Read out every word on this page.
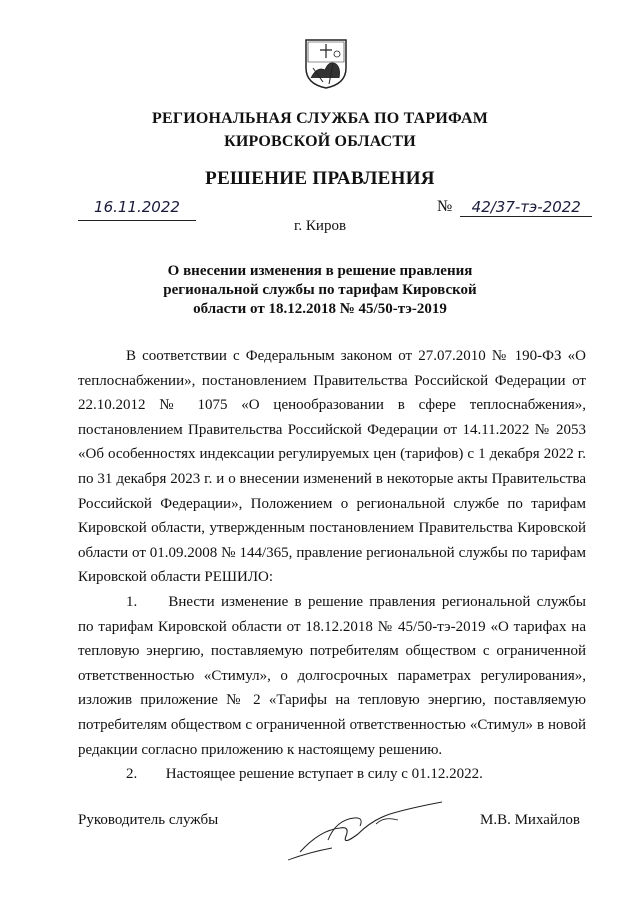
РЕГИОНАЛЬНАЯ СЛУЖБА ПО ТАРИФАМ
КИРОВСКОЙ ОБЛАСТИ
РЕШЕНИЕ ПРАВЛЕНИЯ
16.11.2022	№ 42/37-тэ-2022
г. Киров
О внесении изменения в решение правления региональной службы по тарифам Кировской области от 18.12.2018 № 45/50-тэ-2019

В соответствии с Федеральным законом от 27.07.2010 № 190-ФЗ «О теплоснабжении», постановлением Правительства Российской Федерации от 22.10.2012 № 1075 «О ценообразовании в сфере теплоснабжения», постановлением Правительства Российской Федерации от 14.11.2022 № 2053 «Об особенностях индексации регулируемых цен (тарифов) с 1 декабря 2022 г. по 31 декабря 2023 г. и о внесении изменений в некоторые акты Правительства Российской Федерации», Положением о региональной службе по тарифам Кировской области, утвержденным постановлением Правительства Кировской области от 01.09.2008 № 144/365, правление региональной службы по тарифам Кировской области РЕШИЛО:

1. Внести изменение в решение правления региональной службы по тарифам Кировской области от 18.12.2018 № 45/50-тэ-2019 «О тарифах на тепловую энергию, поставляемую потребителям обществом с ограниченной ответственностью «Стимул», о долгосрочных параметрах регулирования», изложив приложение № 2 «Тарифы на тепловую энергию, поставляемую потребителям обществом с ограниченной ответственностью «Стимул» в новой редакции согласно приложению к настоящему решению.

2. Настоящее решение вступает в силу с 01.12.2022.

Руководитель службы	М.В. Михайлов
